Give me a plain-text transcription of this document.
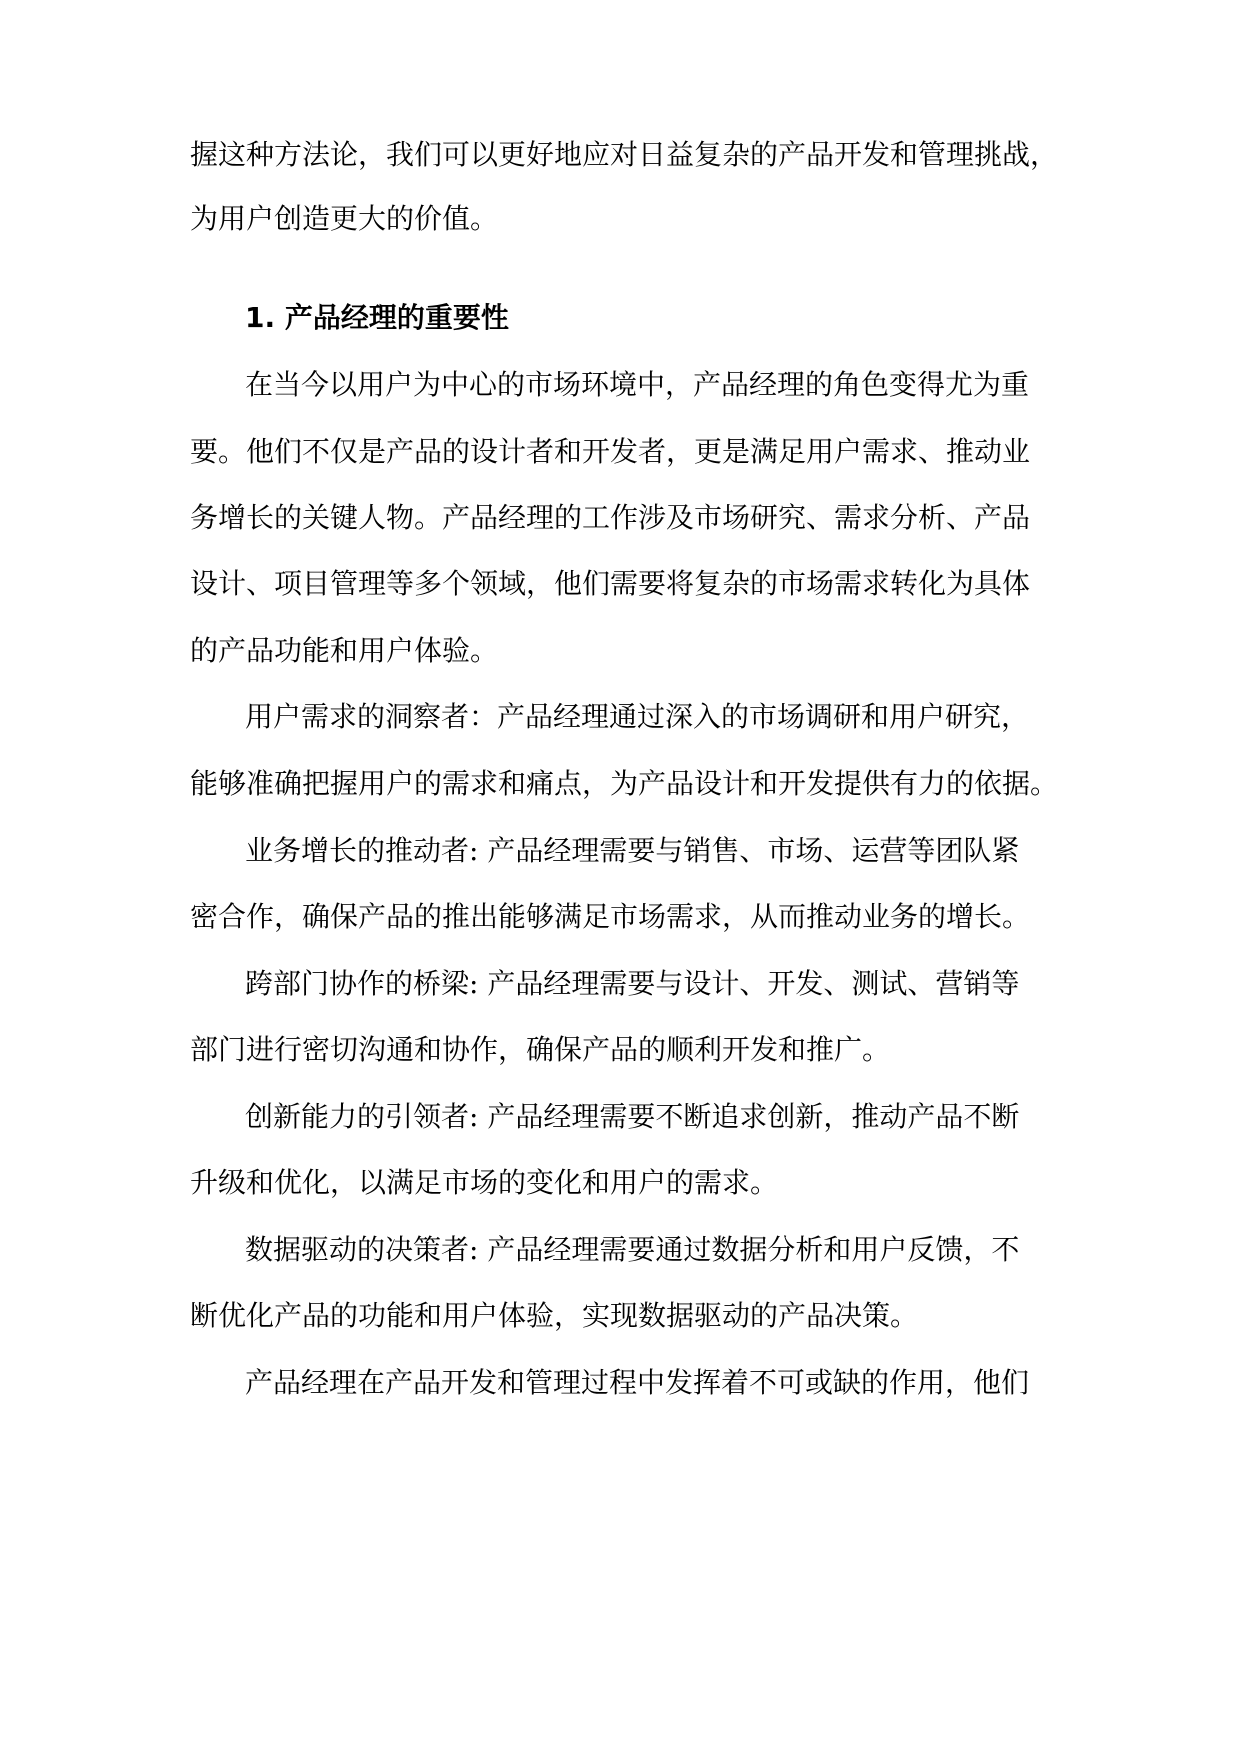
握这种方法论，我们可以更好地应对日益复杂的产品开发和管理挑战，
为用户创造更大的价值。
1. 产品经理的重要性
在当今以用户为中心的市场环境中，产品经理的角色变得尤为重
要。他们不仅是产品的设计者和开发者，更是满足用户需求、推动业
务增长的关键人物。产品经理的工作涉及市场研究、需求分析、产品
设计、项目管理等多个领域，他们需要将复杂的市场需求转化为具体
的产品功能和用户体验。
用户需求的洞察者：产品经理通过深入的市场调研和用户研究，
能够准确把握用户的需求和痛点，为产品设计和开发提供有力的依据。
业务增长的推动者: 产品经理需要与销售、市场、运营等团队紧
密合作，确保产品的推出能够满足市场需求，从而推动业务的增长。
跨部门协作的桥梁: 产品经理需要与设计、开发、测试、营销等
部门进行密切沟通和协作，确保产品的顺利开发和推广。
创新能力的引领者: 产品经理需要不断追求创新，推动产品不断
升级和优化，以满足市场的变化和用户的需求。
数据驱动的决策者: 产品经理需要通过数据分析和用户反馈，不
断优化产品的功能和用户体验，实现数据驱动的产品决策。
产品经理在产品开发和管理过程中发挥着不可或缺的作用，他们
